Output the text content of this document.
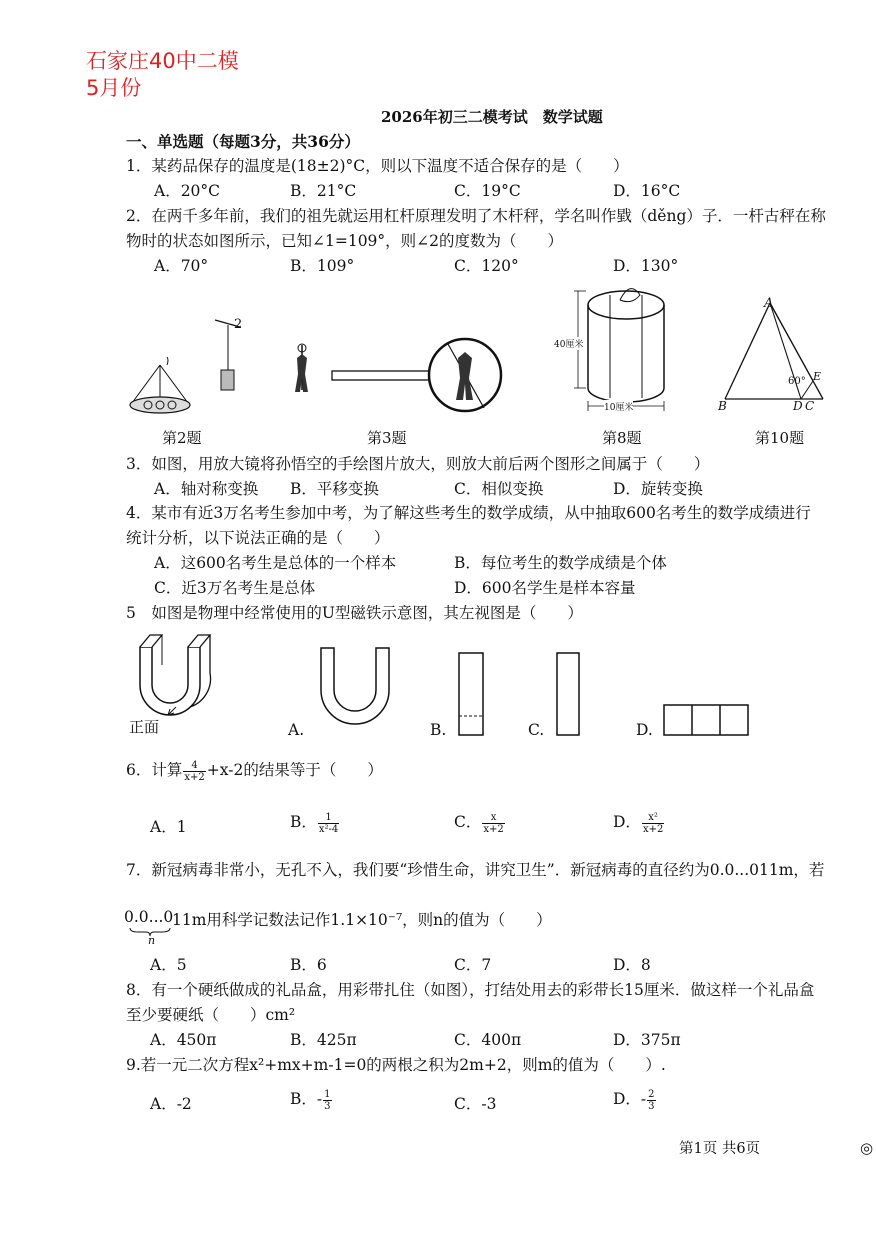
石家庄40中二模
5月份
2026年初三二模考试　数学试题
一、单选题（每题3分，共36分）
1．某药品保存的温度是(18±2)°C，则以下温度不适合保存的是（　　）
A．20°C	B．21°C	C．19°C	D．16°C
2．在两千多年前，我们的祖先就运用杠杆原理发明了木杆秤，学名叫作戥（děng）子．一杆古秤在称
物时的状态如图所示，已知∠1=109°，则∠2的度数为（　　）
A．70°	B．109°	C．120°	D．130°
2
40厘米
10厘米
A
B	D C
E
60°
第2题	第3题	第8题	第10题
3．如图，用放大镜将孙悟空的手绘图片放大，则放大前后两个图形之间属于（　　）
A．轴对称变换 B．平移变换	C．相似变换	D．旋转变换
4．某市有近3万名考生参加中考，为了解这些考生的数学成绩，从中抽取600名考生的数学成绩进行
统计分析，以下说法正确的是（　　）
A．这600名考生是总体的一个样本	B．每位考生的数学成绩是个体
C．近3万名考生是总体	D．600名学生是样本容量
5　如图是物理中经常使用的U型磁铁示意图，其左视图是（　　）
正面	A.	B.	C.	D.
6．计算 $\frac{4}{x+2} +x-2$的结果等于（　　）
A．1	B． $\frac{1}{\text{x²-4}}$	C． $\frac{x}{x+2}$	D． $\frac{\text{x²}}{x+2}$
7．新冠病毒非常小，无孔不入，我们要“珍惜生命，讲究卫生”．新冠病毒的直径约为0.0...011m，若
0.0...0
n
11m用科学记数法记作1.1×10⁻⁷，则n的值为（　　）
A．5	B．6	C．7	D．8
8．有一个硬纸做成的礼品盒，用彩带扎住（如图），打结处用去的彩带长15厘米．做这样一个礼品盒
至少要硬纸（　　）cm²
A．450π	B．425π	C．400π	D．375π
9.若一元二次方程x²+mx+m-1=0的两根之积为2m+2，则m的值为（　　）.
A．-2	B．- $\frac{1}{3}$	C．-3	D．- $\frac{2}{3}$
第1页 共6页	◎
